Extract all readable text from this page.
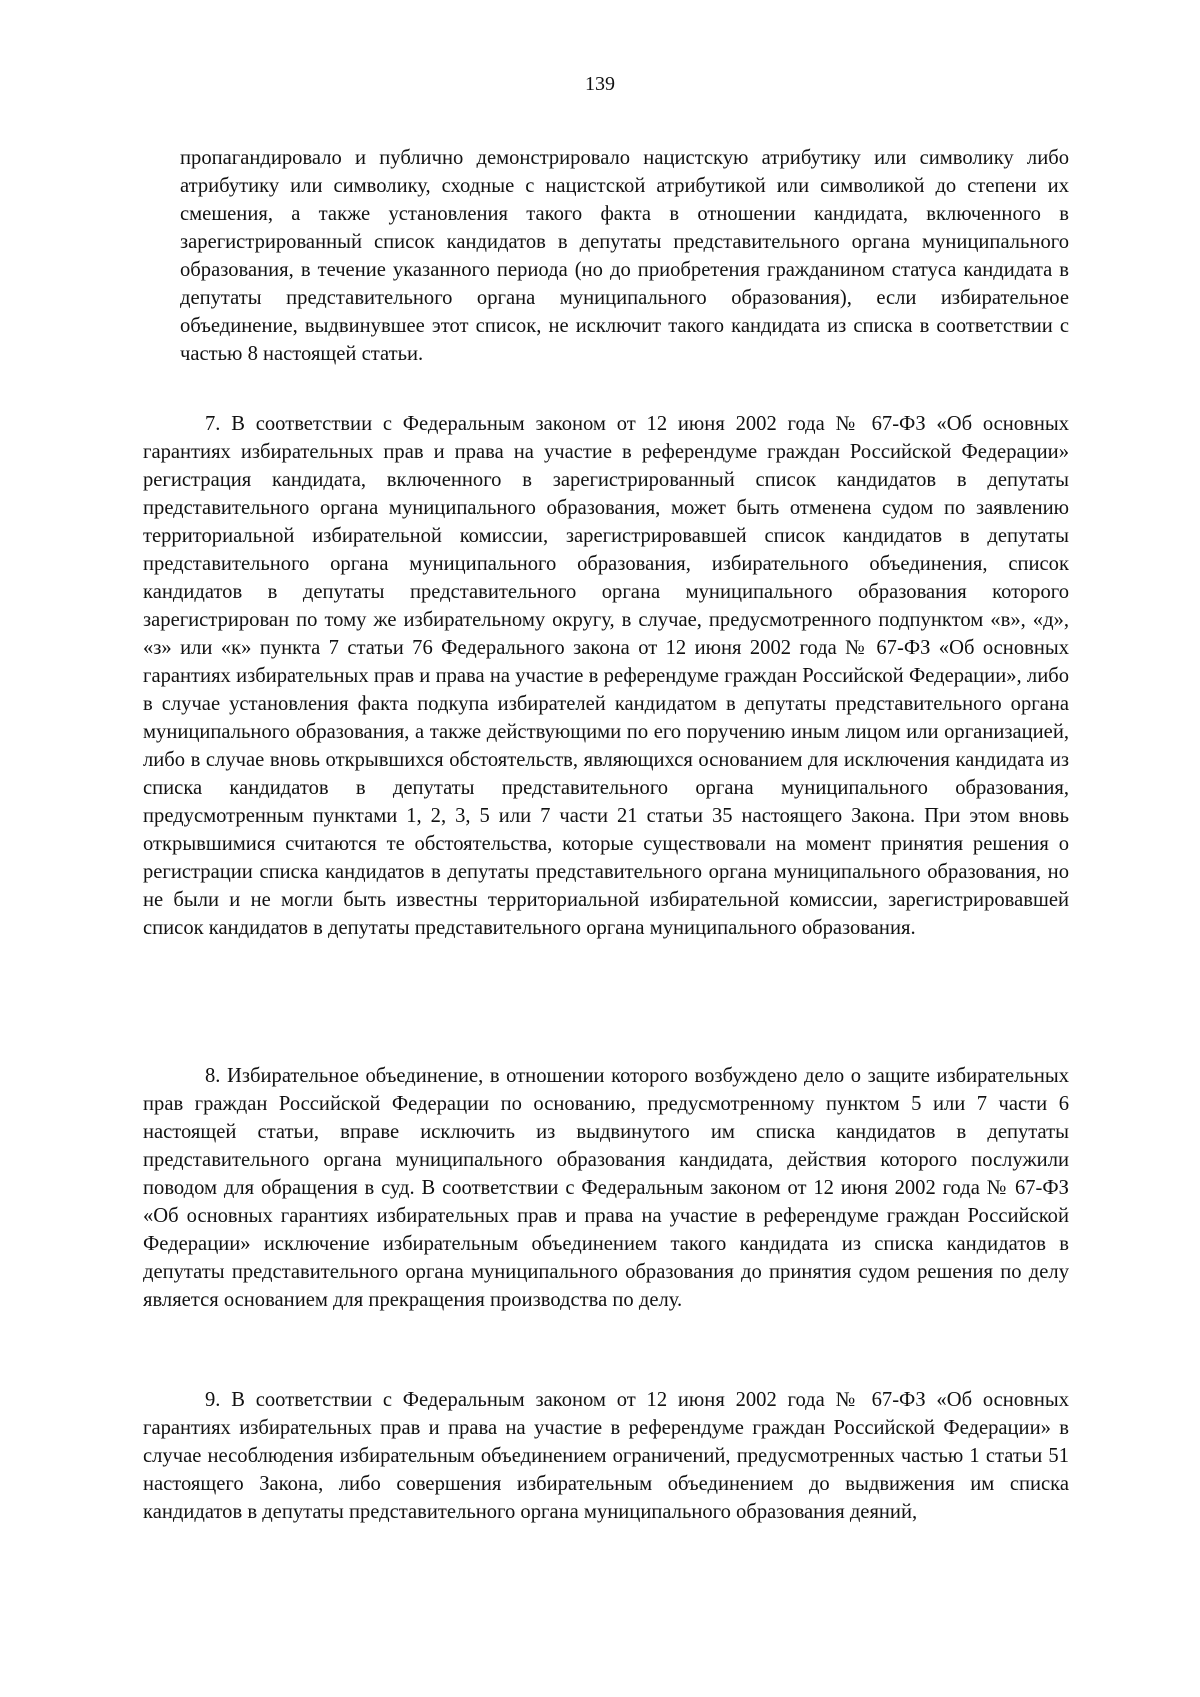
139

пропагандировало и публично демонстрировало нацистскую атрибутику или символику либо атрибутику или символику, сходные с нацистской атрибутикой или символикой до степени их смешения, а также установления такого факта в отношении кандидата, включенного в зарегистрированный список кандидатов в депутаты представительного органа муниципального образования, в течение указанного периода (но до приобретения гражданином статуса кандидата в депутаты представительного органа муниципального образования), если избирательное объединение, выдвинувшее этот список, не исключит такого кандидата из списка в соответствии с частью 8 настоящей статьи.

7. В соответствии с Федеральным законом от 12 июня 2002 года № 67-ФЗ «Об основных гарантиях избирательных прав и права на участие в референдуме граждан Российской Федерации» регистрация кандидата, включенного в зарегистрированный список кандидатов в депутаты представительного органа муниципального образования, может быть отменена судом по заявлению территориальной избирательной комиссии, зарегистрировавшей список кандидатов в депутаты представительного органа муниципального образования, избирательного объединения, список кандидатов в депутаты представительного органа муниципального образования которого зарегистрирован по тому же избирательному округу, в случае, предусмотренного подпунктом «в», «д», «з» или «к» пункта 7 статьи 76 Федерального закона от 12 июня 2002 года № 67-ФЗ «Об основных гарантиях избирательных прав и права на участие в референдуме граждан Российской Федерации», либо в случае установления факта подкупа избирателей кандидатом в депутаты представительного органа муниципального образования, а также действующими по его поручению иным лицом или организацией, либо в случае вновь открывшихся обстоятельств, являющихся основанием для исключения кандидата из списка кандидатов в депутаты представительного органа муниципального образования, предусмотренным пунктами 1, 2, 3, 5 или 7 части 21 статьи 35 настоящего Закона. При этом вновь открывшимися считаются те обстоятельства, которые существовали на момент принятия решения о регистрации списка кандидатов в депутаты представительного органа муниципального образования, но не были и не могли быть известны территориальной избирательной комиссии, зарегистрировавшей список кандидатов в депутаты представительного органа муниципального образования.

8. Избирательное объединение, в отношении которого возбуждено дело о защите избирательных прав граждан Российской Федерации по основанию, предусмотренному пунктом 5 или 7 части 6 настоящей статьи, вправе исключить из выдвинутого им списка кандидатов в депутаты представительного органа муниципального образования кандидата, действия которого послужили поводом для обращения в суд. В соответствии с Федеральным законом от 12 июня 2002 года № 67-ФЗ «Об основных гарантиях избирательных прав и права на участие в референдуме граждан Российской Федерации» исключение избирательным объединением такого кандидата из списка кандидатов в депутаты представительного органа муниципального образования до принятия судом решения по делу является основанием для прекращения производства по делу.

9. В соответствии с Федеральным законом от 12 июня 2002 года № 67-ФЗ «Об основных гарантиях избирательных прав и права на участие в референдуме граждан Российской Федерации» в случае несоблюдения избирательным объединением ограничений, предусмотренных частью 1 статьи 51 настоящего Закона, либо совершения избирательным объединением до выдвижения им списка кандидатов в депутаты представительного органа муниципального образования деяний,
